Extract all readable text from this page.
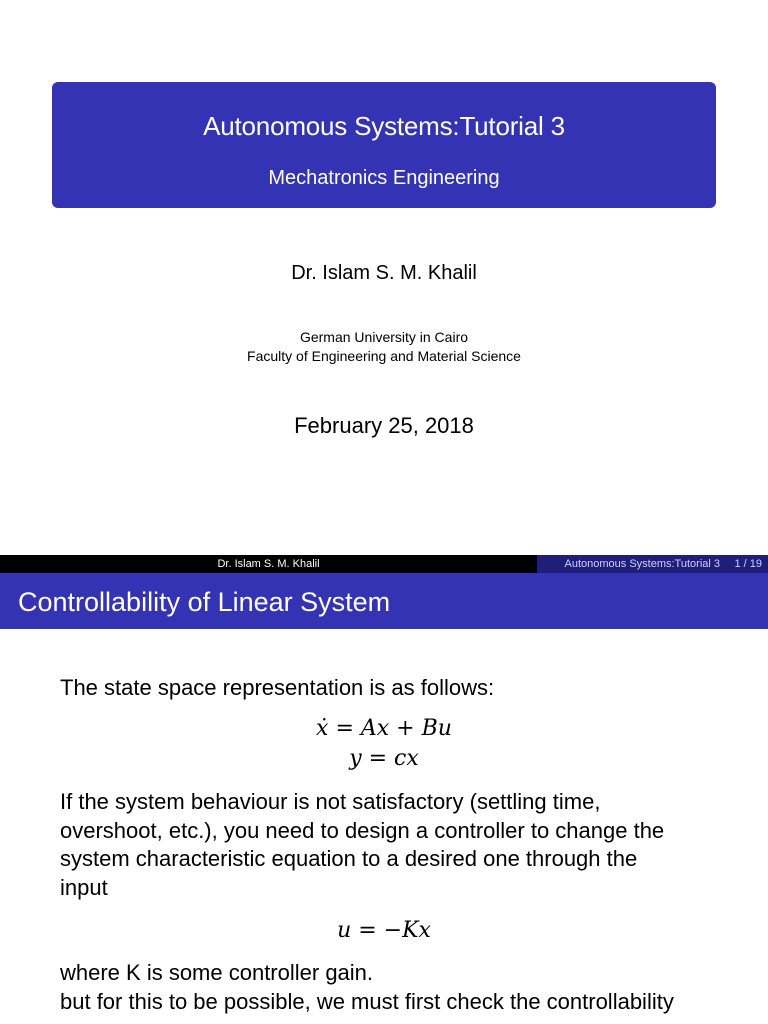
Autonomous Systems:Tutorial 3
Mechatronics Engineering
Dr. Islam S. M. Khalil
German University in Cairo
Faculty of Engineering and Material Science
February 25, 2018
Dr. Islam S. M. Khalil	Autonomous Systems:Tutorial 3 1 / 19
Controllability of Linear System
The state space representation is as follows:
ẋ = Ax + Bu
y = cx
If the system behaviour is not satisfactory (settling time,
overshoot, etc.), you need to design a controller to change the
system characteristic equation to a desired one through the
input
u = −Kx
where K is some controller gain.
but for this to be possible, we must first check the controllability
